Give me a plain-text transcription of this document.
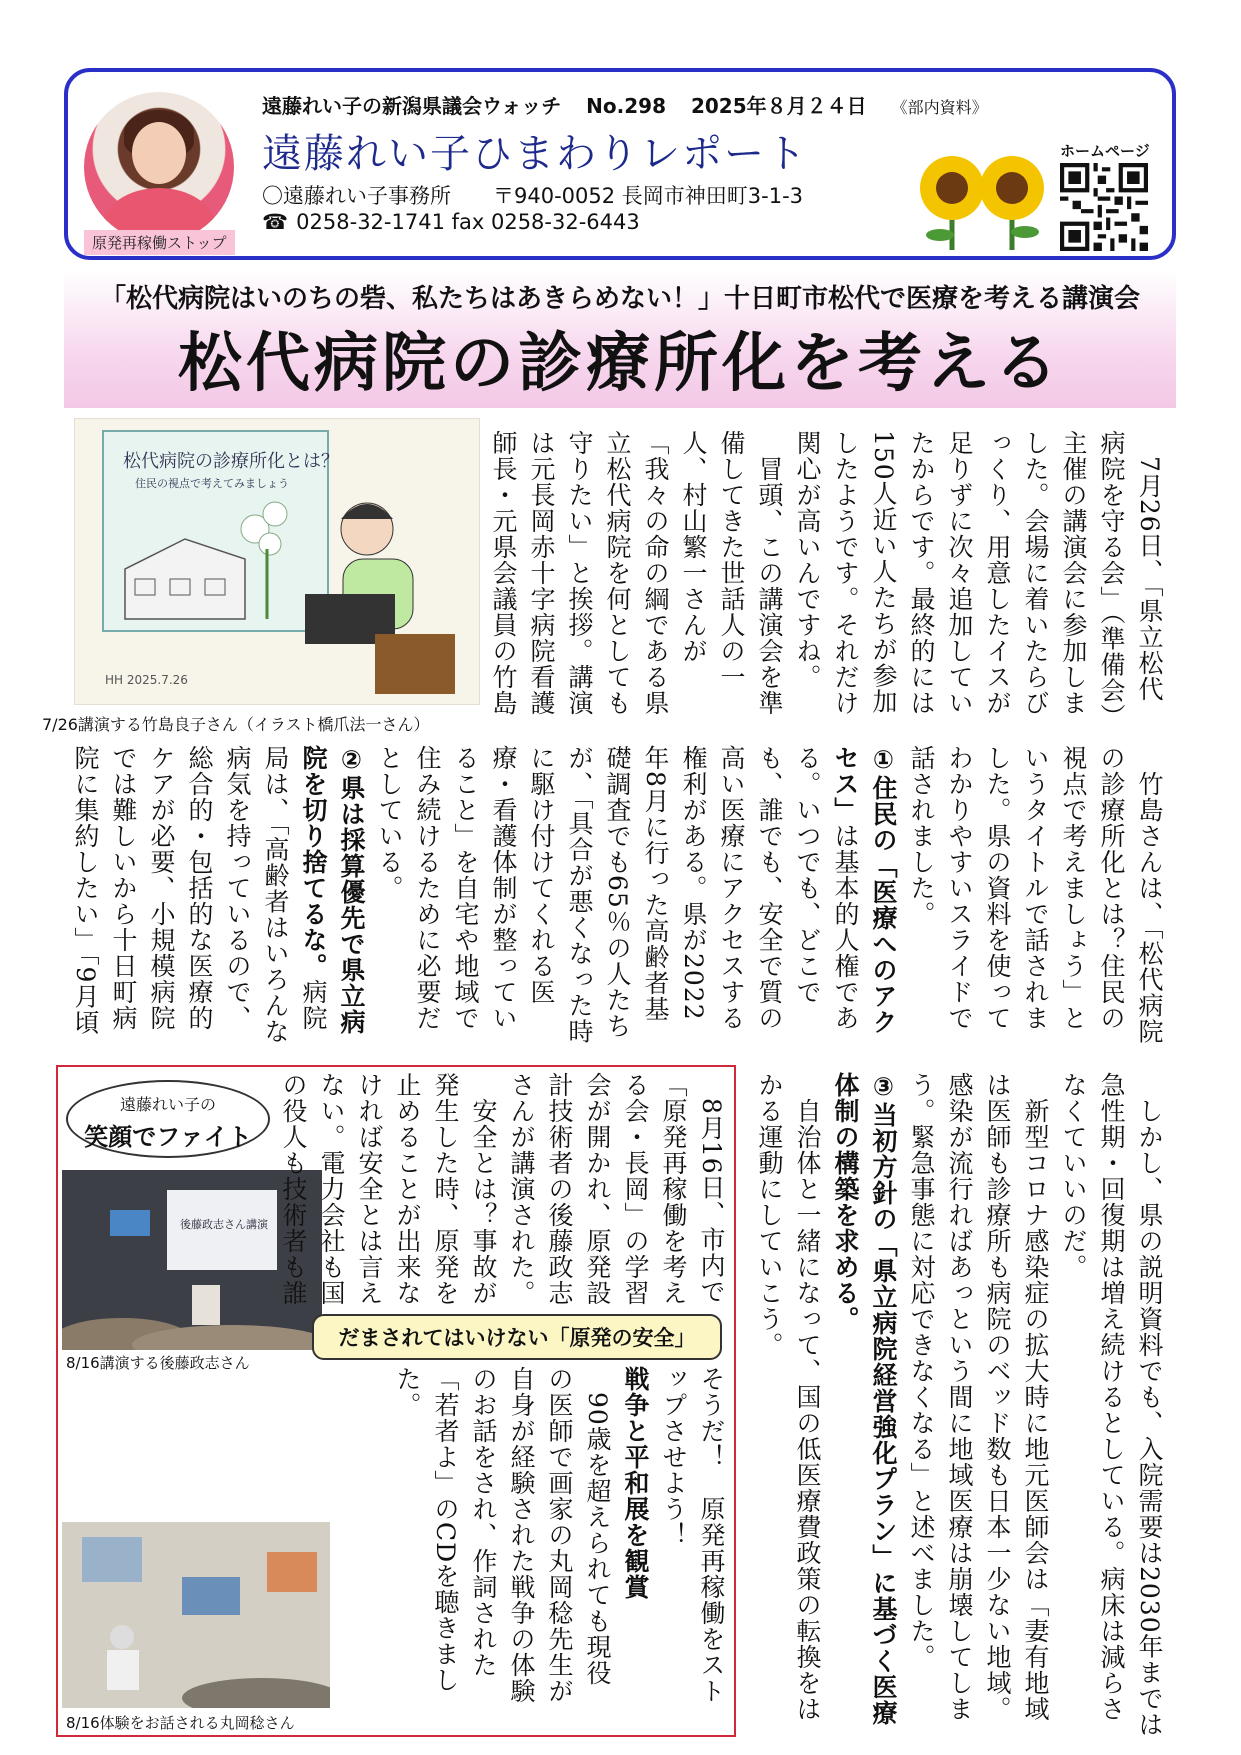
原発再稼働ストップ
遠藤れい子の新潟県議会ウォッチ No.298 2025年８月２４日 《部内資料》
遠藤れい子ひまわりレポート
〇遠藤れい子事務所　　〒940-0052 長岡市神田町3-1-3
☎ 0258-32-1741 fax 0258-32-6443
ホームページ
「松代病院はいのちの砦、私たちはあきらめない！」十日町市松代で医療を考える講演会
松代病院の診療所化を考える
松代病院の診療所化とは？
住民の視点で考えてみましょう
HH 2025.7.26
7/26講演する竹島良子さん（イラスト橋爪法一さん）

　7月26日、「県立松代病院を守る会」（準備会）主催の講演会に参加しました。会場に着いたらびっくり、用意したイスが足りずに次々追加していたからです。最終的には150人近い人たちが参加したようです。それだけ関心が高いんですね。

　冒頭、この講演会を準備してきた世話人の一人、村山繁一さんが「我々の命の綱である県立松代病院を何としても守りたい」と挨拶。講演は元長岡赤十字病院看護師長・元県会議員の竹島

　竹島さんは、「松代病院の診療所化とは？住民の視点で考えましょう」というタイトルで話されました。県の資料を使ってわかりやすいスライドで話されました。

①住民の「医療へのアクセス」は基本的人権である。いつでも、どこでも、誰でも、安全で質の高い医療にアクセスする権利がある。県が2022年8月に行った高齢者基礎調査でも65％の人たちが、「具合が悪くなった時に駆け付けてくれる医療・看護体制が整っていること」を自宅や地域で住み続けるために必要だとしている。

②県は採算優先で県立病院を切り捨てるな。病院局は、「高齢者はいろんな病気を持っているので、総合的・包括的な医療的ケアが必要、小規模病院では難しいから十日町病院に集約したい」「9月頃

　しかし、県の説明資料でも、入院需要は2030年までは急性期・回復期は増え続けるとしている。病床は減らさなくていいのだ。

　新型コロナ感染症の拡大時に地元医師会は「妻有地域は医師も診療所も病院のベッド数も日本一少ない地域。感染が流行ればあっという間に地域医療は崩壊してしまう。緊急事態に対応できなくなる」と述べました。

③当初方針の「県立病院経営強化プラン」に基づく医療体制の構築を求める。

　自治体と一緒になって、国の低医療費政策の転換をはかる運動にしていこう。

遠藤れい子の
笑顔でファイト
後藤政志さん講演
8/16講演する後藤政志さん
だまされてはいけない「原発の安全」

　8月16日、市内で「原発再稼働を考える会・長岡」の学習会が開かれ、原発設計技術者の後藤政志さんが講演された。

　安全とは？事故が発生した時、原発を止めることが出来なければ安全とは言えない。電力会社も国の役人も技術者も誰

そうだ！　原発再稼働をストップさせよう！

戦争と平和展を観賞

　90歳を超えられても現役の医師で画家の丸岡稔先生が自身が経験された戦争の体験のお話をされ、作詞された「若者よ」のCDを聴きました。

8/16体験をお話される丸岡稔さん
